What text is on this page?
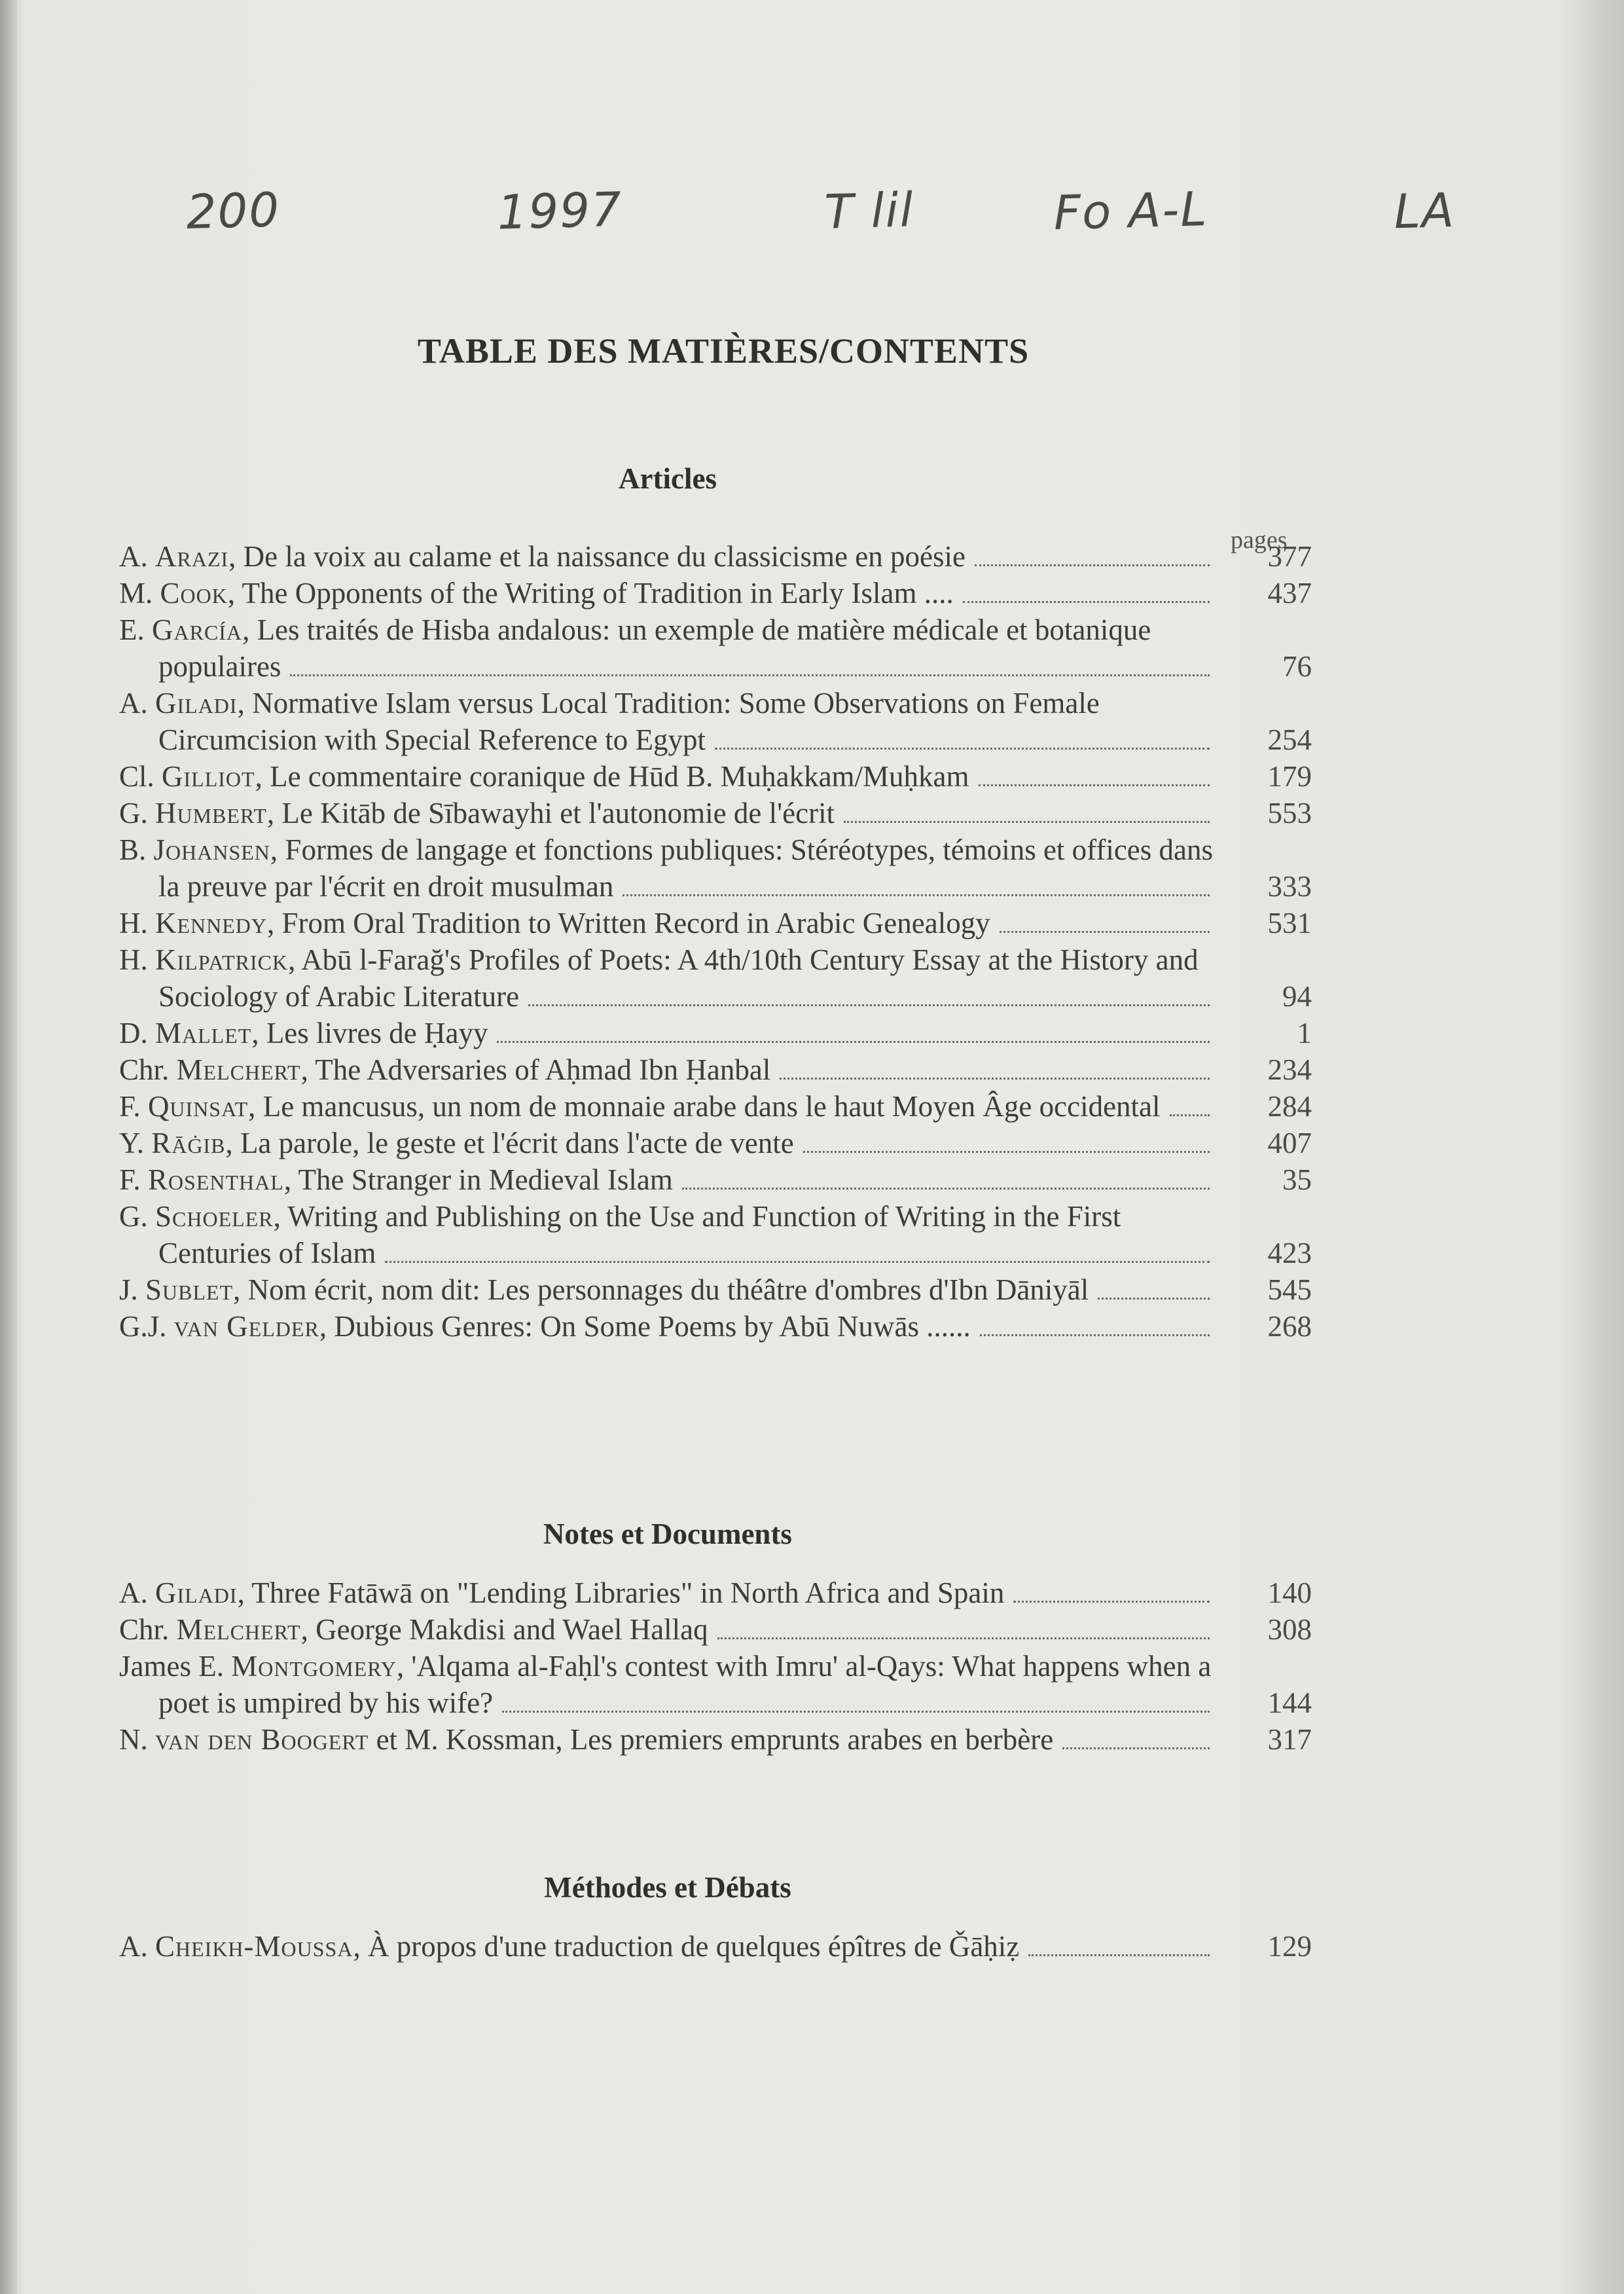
200	1997	T lil	Fo A-L	LA
TABLE DES MATIÈRES/CONTENTS
Articles
pages
A. Arazi, De la voix au calame et la naissance du classicisme en poésie	377
M. Cook, The Opponents of the Writing of Tradition in Early Islam ....	437
E. García, Les traités de Hisba andalous: un exemple de matière médicale et botanique populaires	76
A. Giladi, Normative Islam versus Local Tradition: Some Observations on Female Circumcision with Special Reference to Egypt	254
Cl. Gilliot, Le commentaire coranique de Hūd B. Muḥakkam/Muḥkam	179
G. Humbert, Le Kitāb de Sībawayhi et l'autonomie de l'écrit	553
B. Johansen, Formes de langage et fonctions publiques: Stéréotypes, témoins et offices dans la preuve par l'écrit en droit musulman	333
H. Kennedy, From Oral Tradition to Written Record in Arabic Genealogy	531
H. Kilpatrick, Abū l-Farağ's Profiles of Poets: A 4th/10th Century Essay at the History and Sociology of Arabic Literature	94
D. Mallet, Les livres de Ḥayy	1
Chr. Melchert, The Adversaries of Aḥmad Ibn Ḥanbal	234
F. Quinsat, Le mancusus, un nom de monnaie arabe dans le haut Moyen Âge occidental	284
Y. Rāġib, La parole, le geste et l'écrit dans l'acte de vente	407
F. Rosenthal, The Stranger in Medieval Islam	35
G. Schoeler, Writing and Publishing on the Use and Function of Writing in the First Centuries of Islam	423
J. Sublet, Nom écrit, nom dit: Les personnages du théâtre d'ombres d'Ibn Dāniyāl	545
G.J. van Gelder, Dubious Genres: On Some Poems by Abū Nuwās ......	268
Notes et Documents
A. Giladi, Three Fatāwā on "Lending Libraries" in North Africa and Spain	140
Chr. Melchert, George Makdisi and Wael Hallaq	308
James E. Montgomery, 'Alqama al-Faḥl's contest with Imru' al-Qays: What happens when a poet is umpired by his wife?	144
N. van den Boogert et M. Kossman, Les premiers emprunts arabes en berbère	317
Méthodes et Débats
A. Cheikh-Moussa, À propos d'une traduction de quelques épîtres de Ǧāḥiẓ	129
